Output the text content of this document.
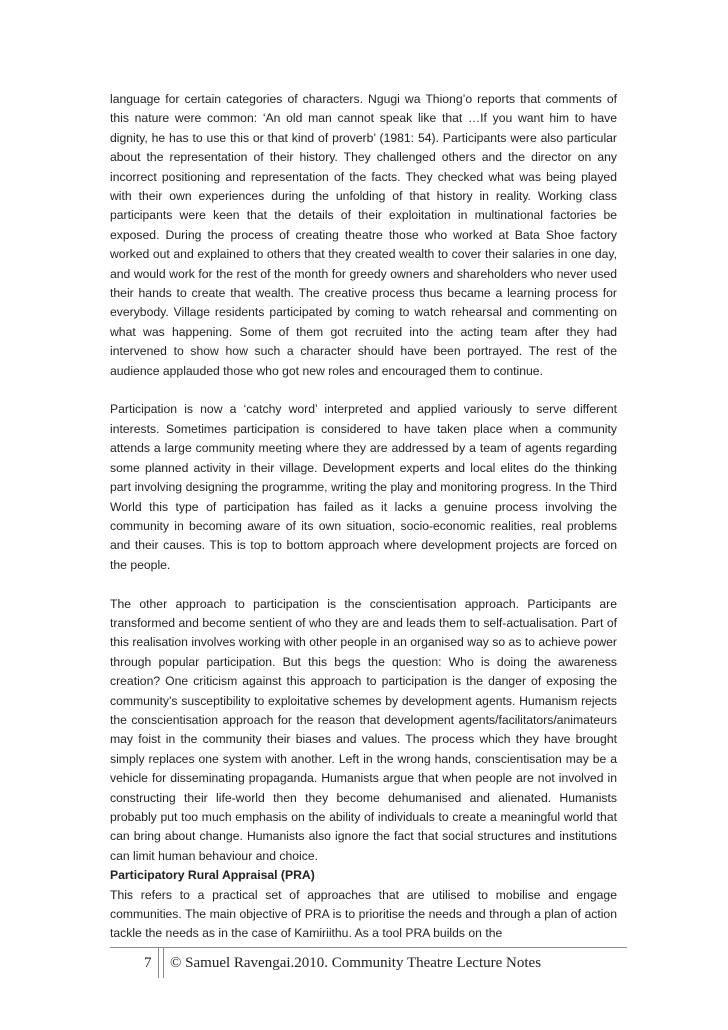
language for certain categories of characters. Ngugi wa Thiong’o reports that comments of this nature were common: ‘An old man cannot speak like that …If you want him to have dignity, he has to use this or that kind of proverb’ (1981: 54). Participants were also particular about the representation of their history. They challenged others and the director on any incorrect positioning and representation of the facts. They checked what was being played with their own experiences during the unfolding of that history in reality. Working class participants were keen that the details of their exploitation in multinational factories be exposed. During the process of creating theatre those who worked at Bata Shoe factory worked out and explained to others that they created wealth to cover their salaries in one day, and would work for the rest of the month for greedy owners and shareholders who never used their hands to create that wealth. The creative process thus became a learning process for everybody. Village residents participated by coming to watch rehearsal and commenting on what was happening. Some of them got recruited into the acting team after they had intervened to show how such a character should have been portrayed. The rest of the audience applauded those who got new roles and encouraged them to continue.

Participation is now a ‘catchy word’ interpreted and applied variously to serve different interests. Sometimes participation is considered to have taken place when a community attends a large community meeting where they are addressed by a team of agents regarding some planned activity in their village. Development experts and local elites do the thinking part involving designing the programme, writing the play and monitoring progress. In the Third World this type of participation has failed as it lacks a genuine process involving the community in becoming aware of its own situation, socio-economic realities, real problems and their causes. This is top to bottom approach where development projects are forced on the people.

The other approach to participation is the conscientisation approach. Participants are transformed and become sentient of who they are and leads them to self-actualisation. Part of this realisation involves working with other people in an organised way so as to achieve power through popular participation. But this begs the question: Who is doing the awareness creation? One criticism against this approach to participation is the danger of exposing the community’s susceptibility to exploitative schemes by development agents. Humanism rejects the conscientisation approach for the reason that development agents/facilitators/animateurs may foist in the community their biases and values. The process which they have brought simply replaces one system with another. Left in the wrong hands, conscientisation may be a vehicle for disseminating propaganda. Humanists argue that when people are not involved in constructing their life-world then they become dehumanised and alienated. Humanists probably put too much emphasis on the ability of individuals to create a meaningful world that can bring about change. Humanists also ignore the fact that social structures and institutions can limit human behaviour and choice.

Participatory Rural Appraisal (PRA)

This refers to a practical set of approaches that are utilised to mobilise and engage communities. The main objective of PRA is to prioritise the needs and through a plan of action tackle the needs as in the case of Kamiriithu. As a tool PRA builds on the

7	© Samuel Ravengai.2010. Community Theatre Lecture Notes
